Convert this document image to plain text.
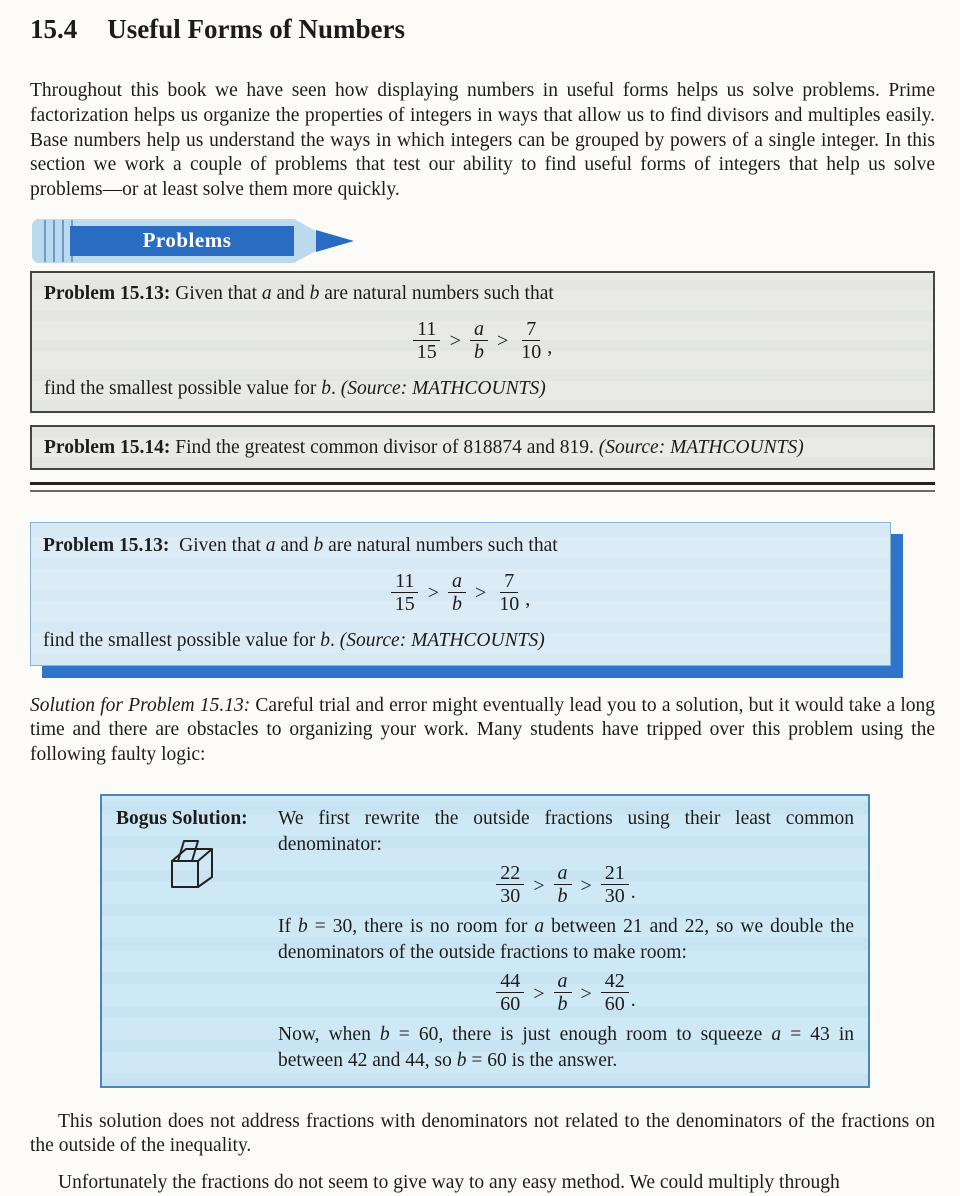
15.4 Useful Forms of Numbers

Throughout this book we have seen how displaying numbers in useful forms helps us solve problems. Prime factorization helps us organize the properties of integers in ways that allow us to find divisors and multiples easily. Base numbers help us understand the ways in which integers can be grouped by powers of a single integer. In this section we work a couple of problems that test our ability to find useful forms of integers that help us solve problems—or at least solve them more quickly.

Problems
Problem 15.13: Given that a and b are natural numbers such that
$\frac{11}{15} > \frac{a}{b} > \frac{7}{10}$ ,
find the smallest possible value for b. (Source: MATHCOUNTS)
Problem 15.14: Find the greatest common divisor of 818874 and 819. (Source: MATHCOUNTS)
Problem 15.13: Given that a and b are natural numbers such that
$\frac{11}{15} > \frac{a}{b} > \frac{7}{10}$ ,
find the smallest possible value for b. (Source: MATHCOUNTS)

Solution for Problem 15.13: Careful trial and error might eventually lead you to a solution, but it would take a long time and there are obstacles to organizing your work. Many students have tripped over this problem using the following faulty logic:

Bogus Solution:	We first rewrite the outside fractions using their least common denominator:

$\frac{22}{30} > \frac{a}{b} > \frac{21}{30}$ .

If b = 30, there is no room for a between 21 and 22, so we double the denominators of the outside fractions to make room:

$\frac{44}{60} > \frac{a}{b} > \frac{42}{60}$ .

Now, when b = 60, there is just enough room to squeeze a = 43 in between 42 and 44, so b = 60 is the answer.

This solution does not address fractions with denominators not related to the denominators of the fractions on the outside of the inequality.

Unfortunately the fractions do not seem to give way to any easy method. We could multiply through
